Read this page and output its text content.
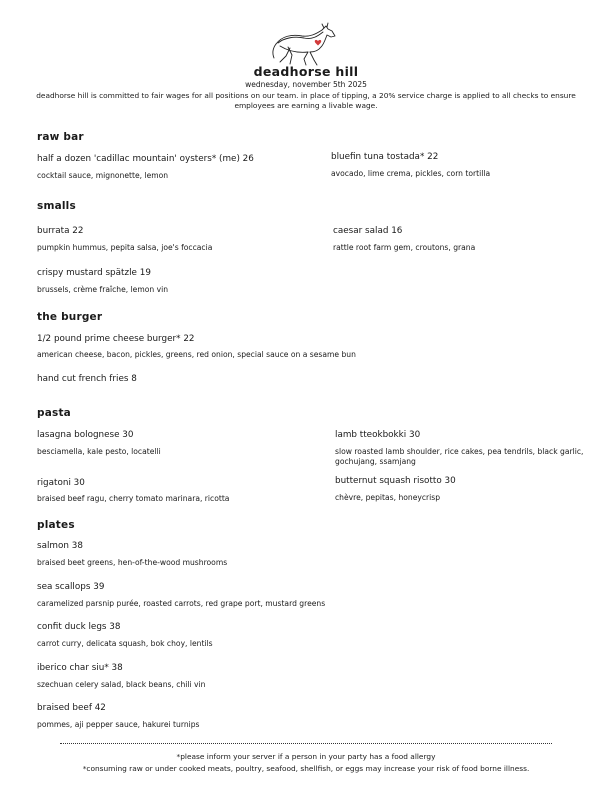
deadhorse hill
wednesday, november 5th 2025
deadhorse hill is committed to fair wages for all positions on our team. in place of tipping, a 20% service charge is applied to all checks to ensure employees are earning a livable wage.
raw bar
half a dozen 'cadillac mountain' oysters* (me) 26
cocktail sauce, mignonette, lemon
bluefin tuna tostada* 22
avocado, lime crema, pickles, corn tortilla
smalls
burrata 22
pumpkin hummus, pepita salsa, joe's foccacia
caesar salad 16
rattle root farm gem, croutons, grana
crispy mustard spätzle 19
brussels, crème fraîche, lemon vin
the burger
1/2 pound prime cheese burger* 22
american cheese, bacon, pickles, greens, red onion, special sauce on a sesame bun
hand cut french fries 8
pasta
lasagna bolognese 30
besciamella, kale pesto, locatelli
lamb tteokbokki 30
slow roasted lamb shoulder, rice cakes, pea tendrils, black garlic, gochujang, ssamjang
rigatoni 30
braised beef ragu, cherry tomato marinara, ricotta
butternut squash risotto 30
chèvre, pepitas, honeycrisp
plates
salmon 38
braised beet greens, hen-of-the-wood mushrooms
sea scallops 39
caramelized parsnip purée, roasted carrots, red grape port, mustard greens
confit duck legs 38
carrot curry, delicata squash, bok choy, lentils
iberico char siu* 38
szechuan celery salad, black beans, chili vin
braised beef 42
pommes, aji pepper sauce, hakurei turnips
*please inform your server if a person in your party has a food allergy
*consuming raw or under cooked meats, poultry, seafood, shellfish, or eggs may increase your risk of food borne illness.
